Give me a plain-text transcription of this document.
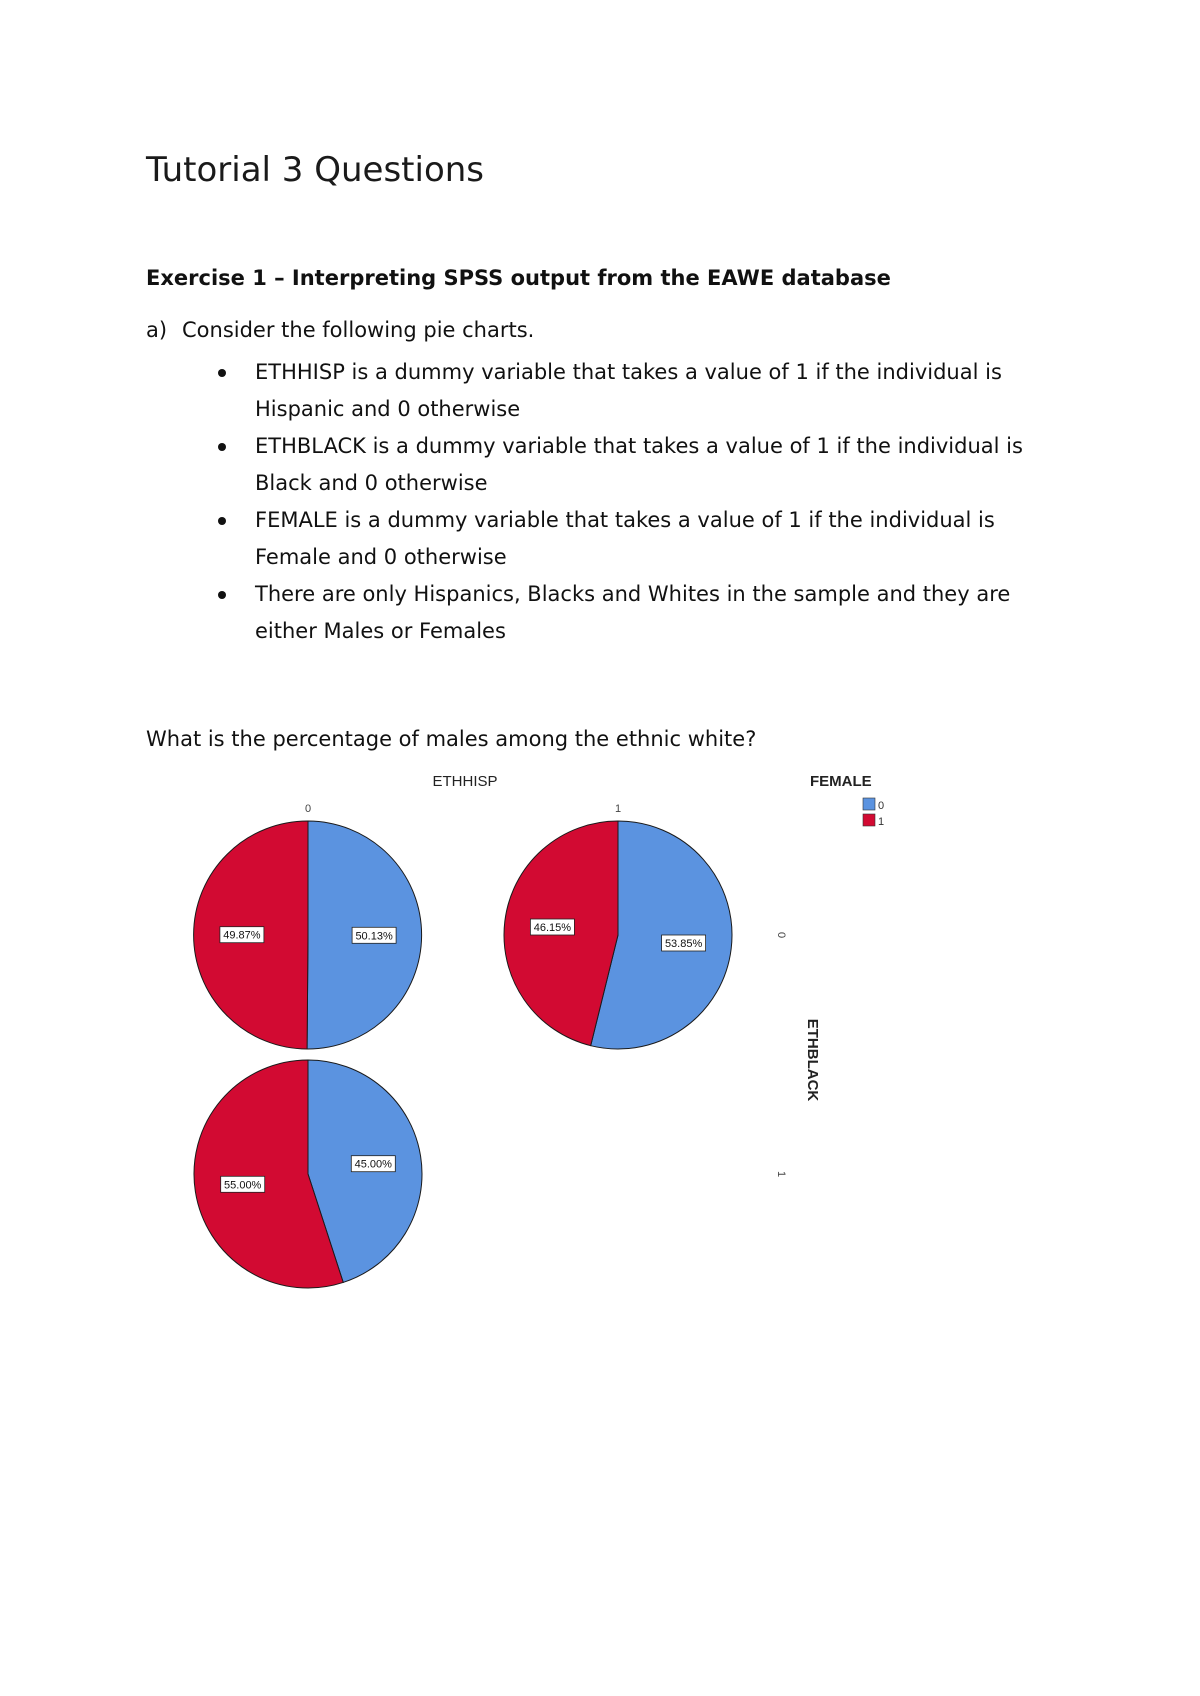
Tutorial 3 Questions
Exercise 1 – Interpreting SPSS output from the EAWE database
a) Consider the following pie charts.
ETHHISP is a dummy variable that takes a value of 1 if the individual is Hispanic and 0 otherwise
ETHBLACK is a dummy variable that takes a value of 1 if the individual is Black and 0 otherwise
FEMALE is a dummy variable that takes a value of 1 if the individual is Female and 0 otherwise
There are only Hispanics, Blacks and Whites in the sample and they are either Males or Females
What is the percentage of males among the ethnic white?
ETHHISP
0	1
FEMALE
0
1
ETHBLACK
0
1
50.13%
49.87%
53.85%
46.15%
45.00%
55.00%
